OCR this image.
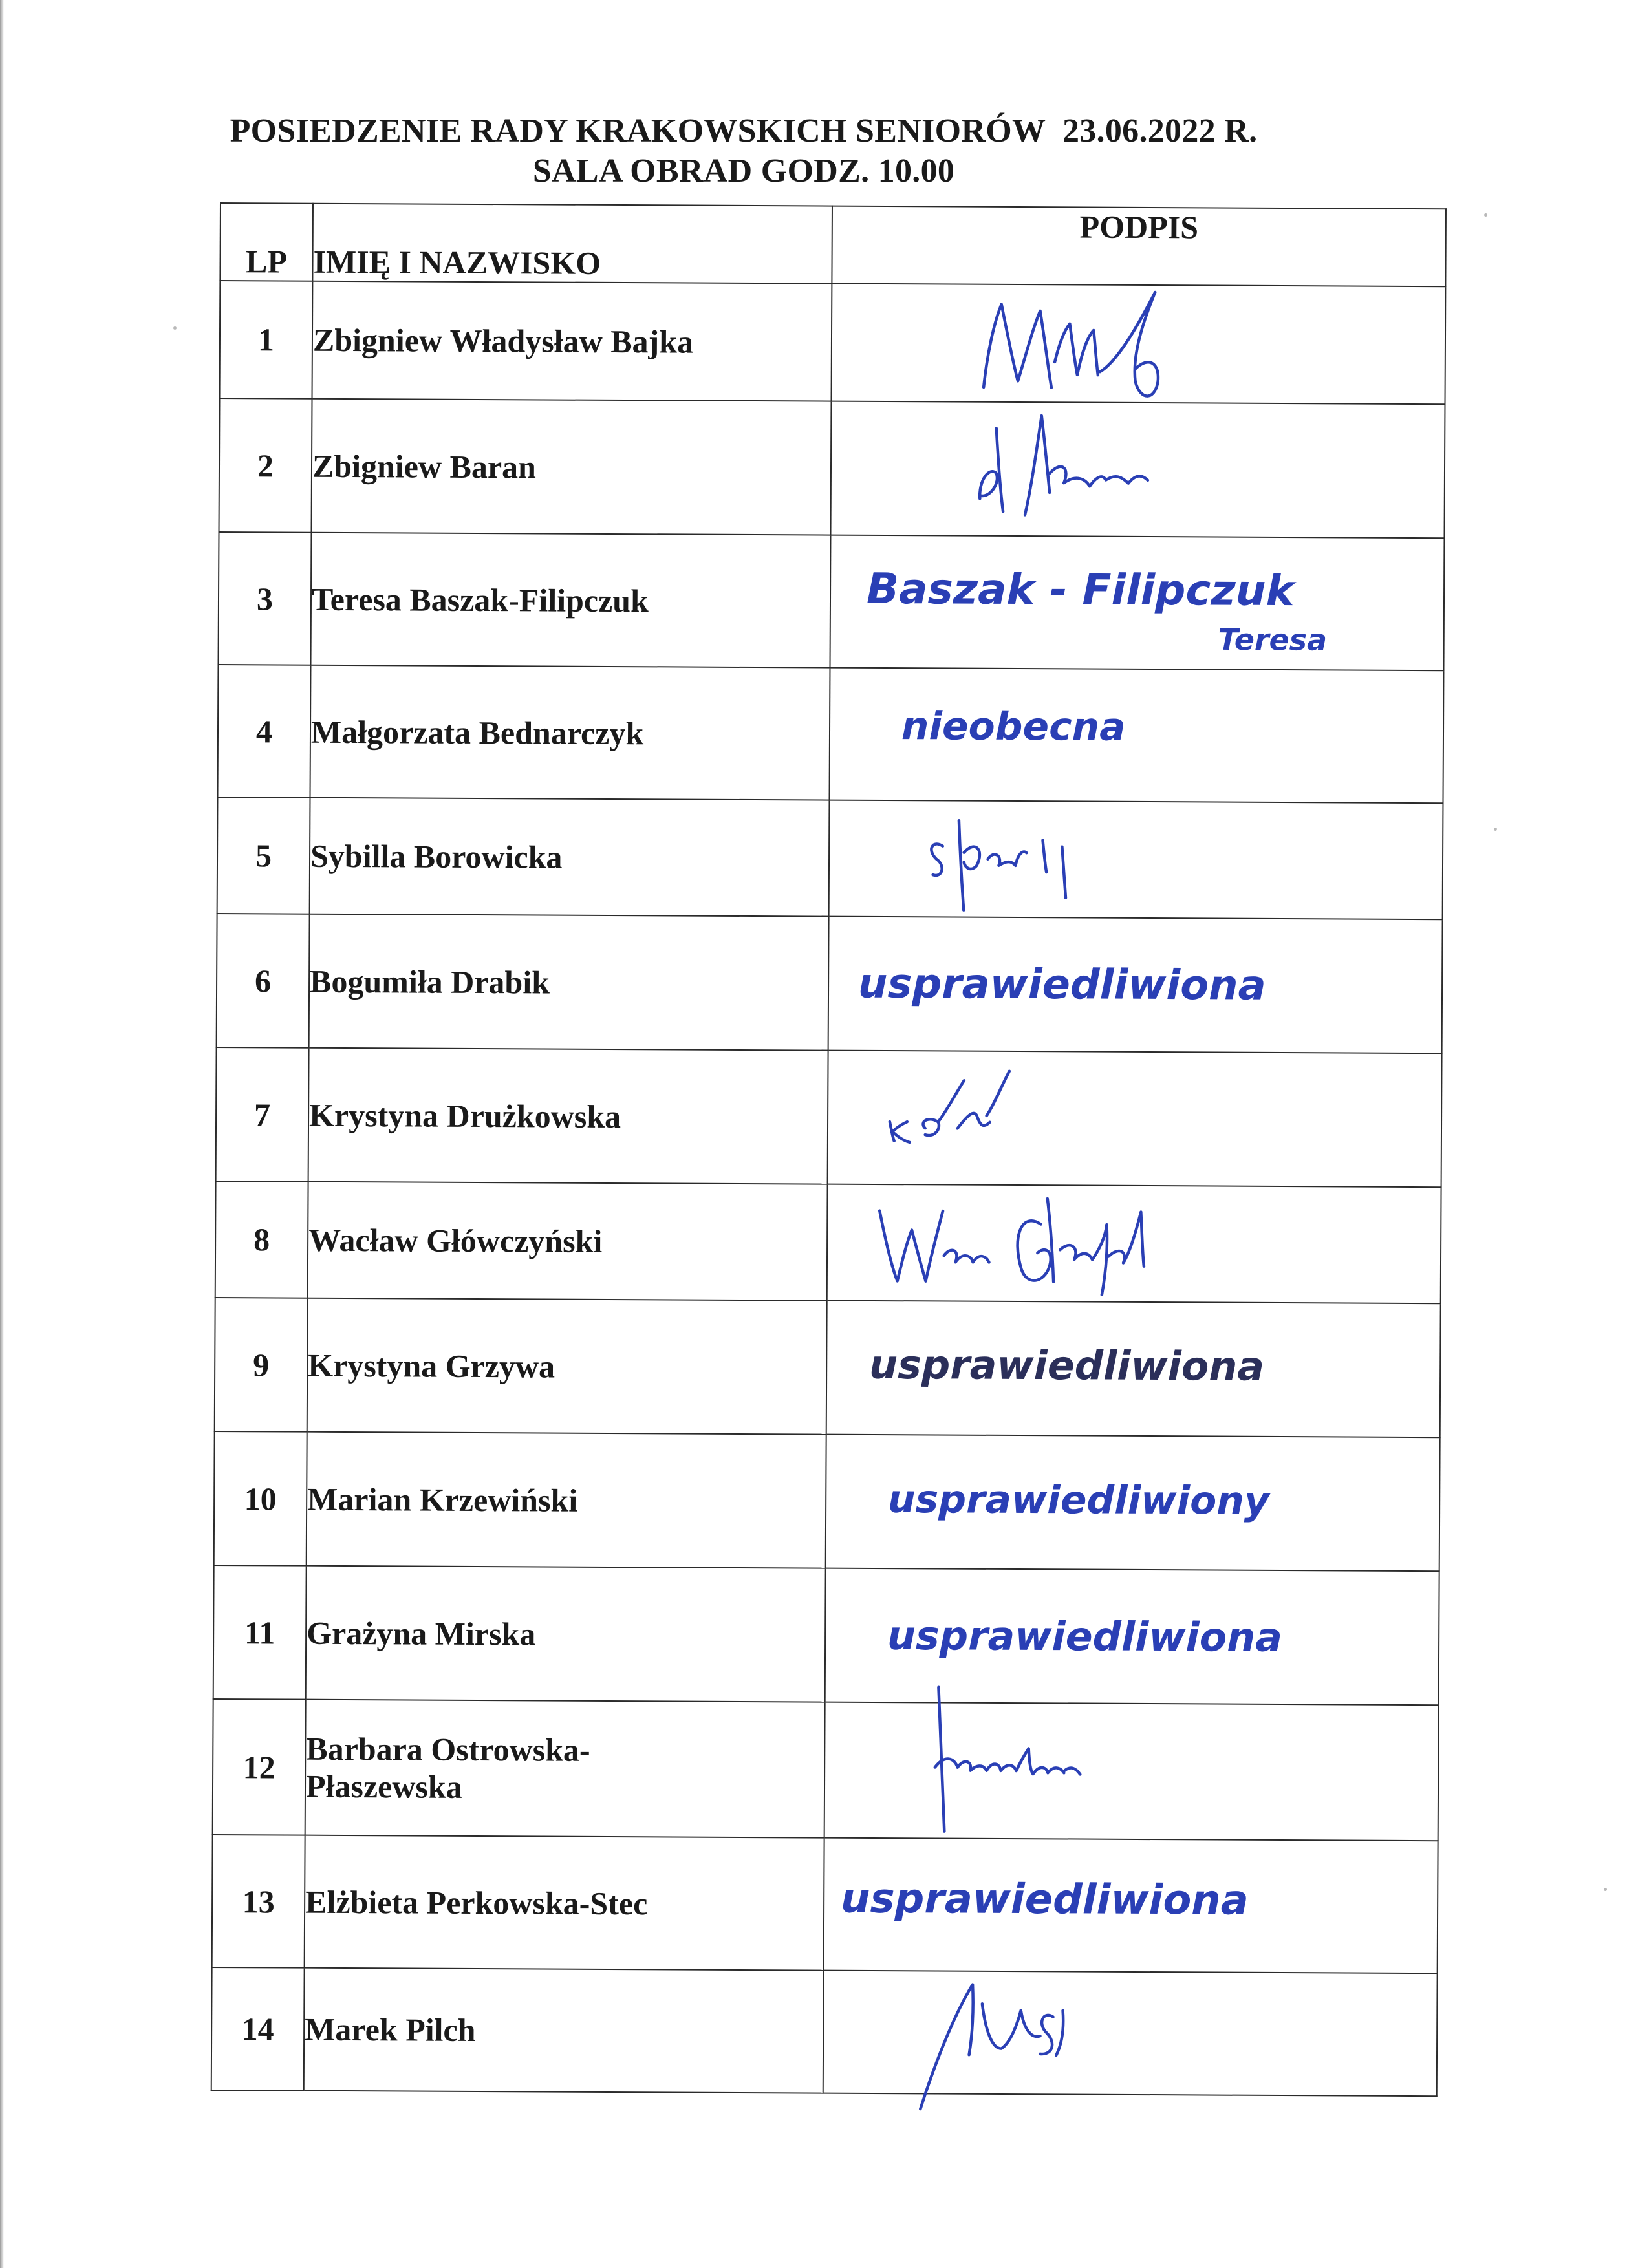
POSIEDZENIE RADY KRAKOWSKICH SENIORÓW  23.06.2022 R.
SALA OBRAD GODZ. 10.00
LP	IMIĘ I NAZWISKO	PODPIS
1	Zbigniew Władysław Bajka	

2	Zbigniew Baran	

3	Teresa Baszak-Filipczuk	Baszak - Filipczuk
Teresa

4	Małgorzata Bednarczyk	nieobecna

5	Sybilla Borowicka	

6	Bogumiła Drabik	usprawiedliwiona

7	Krystyna Drużkowska	

8	Wacław Główczyński	

9	Krystyna Grzywa	usprawiedliwiona

10	Marian Krzewiński	usprawiedliwiony

11	Grażyna Mirska	usprawiedliwiona

12	Barbara Ostrowska-
Płaszewska

13	Elżbieta Perkowska-Stec	usprawiedliwiona

14	Marek Pilch	
